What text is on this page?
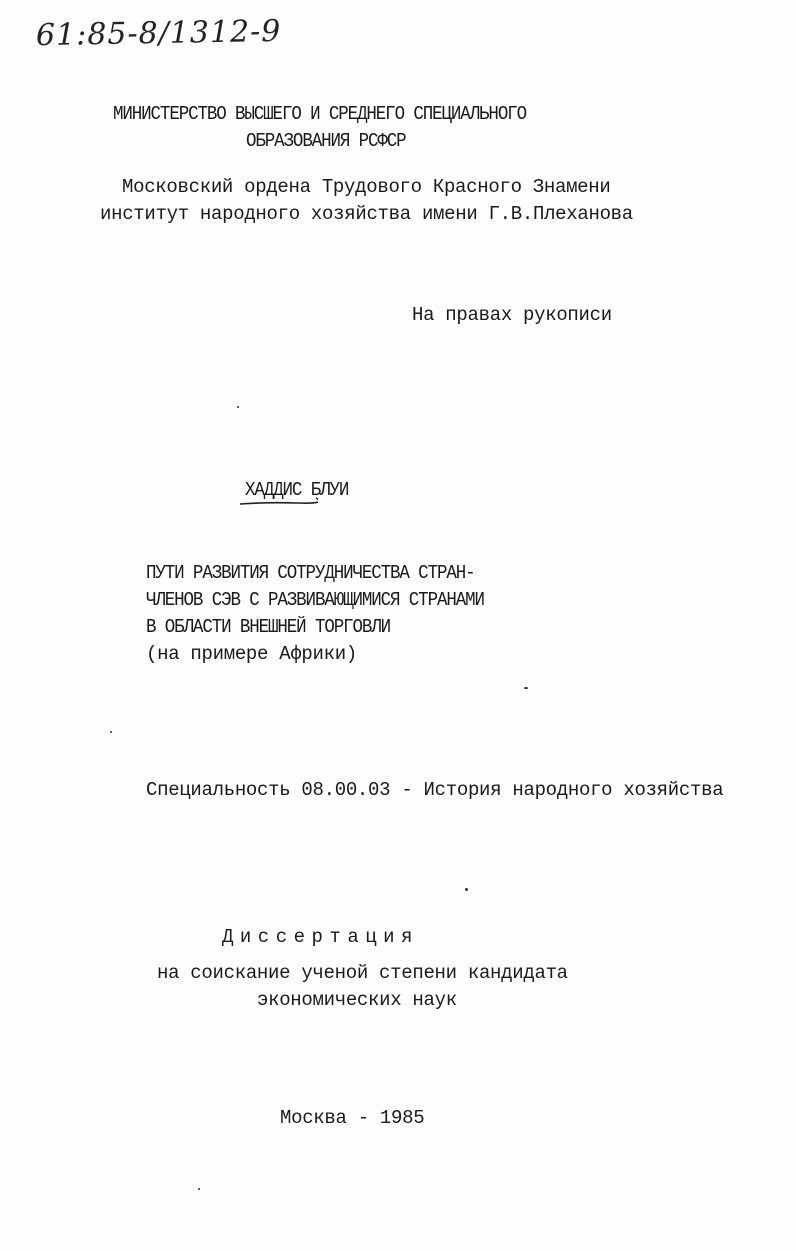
61:85-8/1312-9
МИНИСТЕРСТВО ВЫСШЕГО И СРЕДНЕГО СПЕЦИАЛЬНОГО
ОБРАЗОВАНИЯ РСФСР
Московский ордена Трудового Красного Знамени
институт народного хозяйства имени Г.В.Плеханова
На правах рукописи
ХАДДИС БЛУИ
ПУТИ РАЗВИТИЯ СОТРУДНИЧЕСТВА СТРАН-
ЧЛЕНОВ СЭВ С РАЗВИВАЮЩИМИСЯ СТРАНАМИ
В ОБЛАСТИ ВНЕШНЕЙ ТОРГОВЛИ
(на примере Африки)
Специальность 08.00.03 - История народного хозяйства
Диссертация
на соискание ученой степени кандидата
экономических наук
Москва - 1985
